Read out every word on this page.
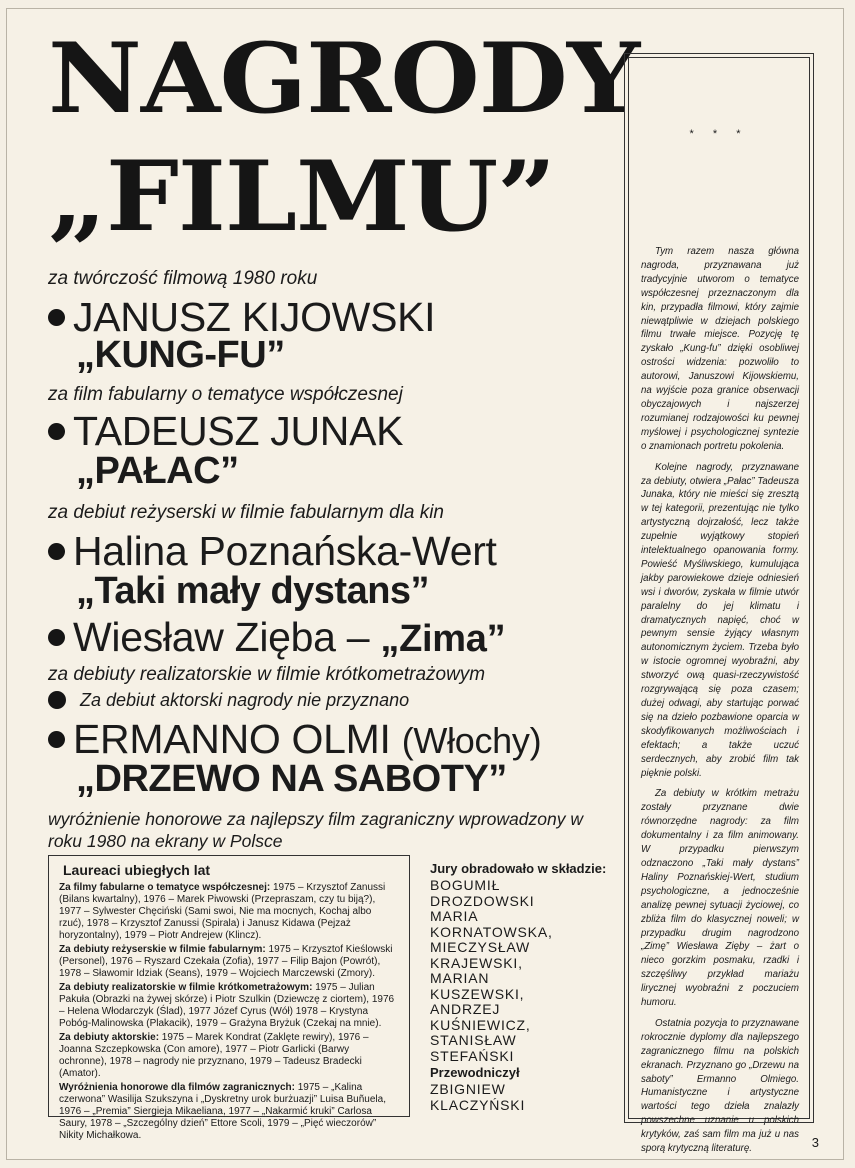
NAGRODY
„FILMU”
za twórczość filmową 1980 roku
JANUSZ KIJOWSKI
„KUNG-FU”
za film fabularny o tematyce współczesnej
TADEUSZ JUNAK
„PAŁAC”
za debiut reżyserski w filmie fabularnym dla kin
Halina Poznańska-Wert
„Taki mały dystans”
Wiesław Zięba – „Zima”
za debiuty realizatorskie w filmie krótkometrażowym
Za debiut aktorski nagrody nie przyznano
ERMANNO OLMI (Włochy)
„DRZEWO NA SABOTY”
wyróżnienie honorowe za najlepszy film zagraniczny wprowadzony w roku 1980 na ekrany w Polsce
Laureaci ubiegłych lat

Za filmy fabularne o tematyce współczesnej: 1975 – Krzysztof Zanussi (Bilans kwartalny), 1976 – Marek Piwowski (Przepraszam, czy tu biją?), 1977 – Sylwester Chęciński (Sami swoi, Nie ma mocnych, Kochaj albo rzuć), 1978 – Krzysztof Zanussi (Spirala) i Janusz Kidawa (Pejzaż horyzontalny), 1979 – Piotr Andrejew (Klincz).

Za debiuty reżyserskie w filmie fabularnym: 1975 – Krzysztof Kieślowski (Personel), 1976 – Ryszard Czekała (Zofia), 1977 – Filip Bajon (Powrót), 1978 – Sławomir Idziak (Seans), 1979 – Wojciech Marczewski (Zmory).

Za debiuty realizatorskie w filmie krótkometrażowym: 1975 – Julian Pakuła (Obrazki na żywej skórze) i Piotr Szulkin (Dziewczę z ciortem), 1976 – Helena Włodarczyk (Ślad), 1977 Józef Cyrus (Wół) 1978 – Krystyna Pobóg-Malinowska (Plakacik), 1979 – Grażyna Bryżuk (Czekaj na mnie).

Za debiuty aktorskie: 1975 – Marek Kondrat (Zaklęte rewiry), 1976 – Joanna Szczepkowska (Con amore), 1977 – Piotr Garlicki (Barwy ochronne), 1978 – nagrody nie przyznano, 1979 – Tadeusz Bradecki (Amator).

Wyróżnienia honorowe dla filmów zagranicznych: 1975 – „Kalina czerwona” Wasilija Szukszyna i „Dyskretny urok burżuazji” Luisa Buñuela, 1976 – „Premia” Siergieja Mikaeliana, 1977 – „Nakarmić kruki” Carlosa Saury, 1978 – „Szczególny dzień” Ettore Scoli, 1979 – „Pięć wieczorów” Nikity Michałkowa.

Jury obradowało w składzie:
BOGUMIŁ
DROZDOWSKI
MARIA
KORNATOWSKA,
MIECZYSŁAW
KRAJEWSKI,
MARIAN
KUSZEWSKI,
ANDRZEJ
KUŚNIEWICZ,
STANISŁAW
STEFAŃSKI
Przewodniczył
ZBIGNIEW
KLACZYŃSKI
* * *

Tym razem nasza główna nagroda, przyznawana już tradycyjnie utworom o tematyce współczesnej przeznaczonym dla kin, przypadła filmowi, który zajmie niewątpliwie w dziejach polskiego filmu trwałe miejsce. Pozycję tę zyskało „Kung-fu” dzięki osobliwej ostrości widzenia: pozwoliło to autorowi, Januszowi Kijowskiemu, na wyjście poza granice obserwacji obyczajowych i najszerzej rozumianej rodzajowości ku pewnej myślowej i psychologicznej syntezie o znamionach portretu pokolenia.

Kolejne nagrody, przyznawane za debiuty, otwiera „Pałac” Tadeusza Junaka, który nie mieści się zresztą w tej kategorii, prezentując nie tylko artystyczną dojrzałość, lecz także zupełnie wyjątkowy stopień intelektualnego opanowania formy. Powieść Myśliwskiego, kumulująca jakby parowiekowe dzieje odniesień wsi i dworów, zyskała w filmie utwór paralelny do jej klimatu i dramatycznych napięć, choć w pewnym sensie żyjący własnym autonomicznym życiem. Trzeba było w istocie ogromnej wyobraźni, aby stworzyć ową quasi-rzeczywistość rozgrywającą się poza czasem; dużej odwagi, aby startując porwać się na dzieło pozbawione oparcia w skodyfikowanych możliwościach i efektach; a także uczuć serdecznych, aby zrobić film tak pięknie polski.

Za debiuty w krótkim metrażu zostały przyznane dwie równorzędne nagrody: za film dokumentalny i za film animowany. W przypadku pierwszym odznaczono „Taki mały dystans” Haliny Poznańskiej-Wert, studium psychologiczne, a jednocześnie analizę pewnej sytuacji życiowej, co zbliża film do klasycznej noweli; w przypadku drugim nagrodzono „Zimę” Wiesława Zięby – żart o nieco gorzkim posmaku, rzadki i szczęśliwy przykład mariażu lirycznej wyobraźni z poczuciem humoru.

Ostatnia pozycja to przyznawane rokrocznie dyplomy dla najlepszego zagranicznego filmu na polskich ekranach. Przyznano go „Drzewu na saboty” Ermanno Olmiego. Humanistyczne i artystyczne wartości tego dzieła znalazły powszechne uznanie u polskich krytyków, zaś sam film ma już u nas sporą krytyczną literaturę.	3
